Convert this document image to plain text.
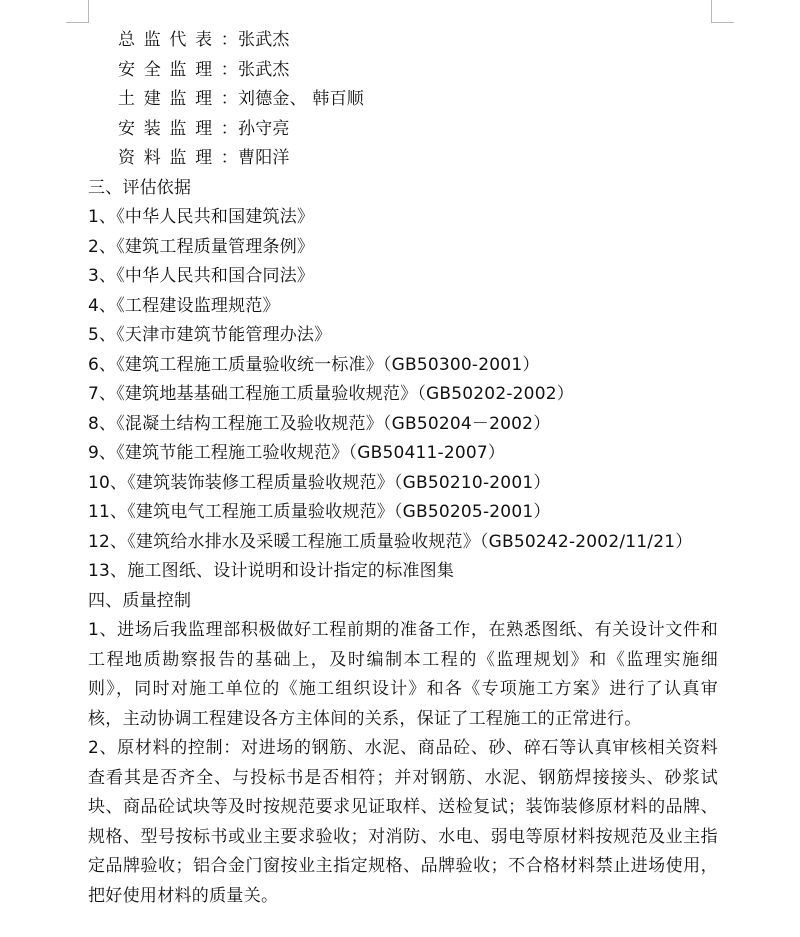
总监代表：张武杰
安全监理：张武杰
土建监理：刘德金、 韩百顺
安装监理：孙守亮
资料监理：曹阳洋
三、评估依据
1、《中华人民共和国建筑法》
2、《建筑工程质量管理条例》
3、《中华人民共和国合同法》
4、《工程建设监理规范》
5、《天津市建筑节能管理办法》
6、《建筑工程施工质量验收统一标准》（GB50300-2001）
7、《建筑地基基础工程施工质量验收规范》（GB50202-2002）
8、《混凝土结构工程施工及验收规范》（GB50204－2002）
9、《建筑节能工程施工验收规范》（GB50411-2007）
10、《建筑装饰装修工程质量验收规范》（GB50210-2001）
11、《建筑电气工程施工质量验收规范》（GB50205-2001）
12、《建筑给水排水及采暖工程施工质量验收规范》（GB50242-2002/11/21）
13、施工图纸、设计说明和设计指定的标准图集
四、质量控制
1、进场后我监理部积极做好工程前期的准备工作，在熟悉图纸、有关设计文件和工程地质勘察报告的基础上，及时编制本工程的《监理规划》和《监理实施细则》，同时对施工单位的《施工组织设计》和各《专项施工方案》进行了认真审核，主动协调工程建设各方主体间的关系，保证了工程施工的正常进行。
2、原材料的控制：对进场的钢筋、水泥、商品砼、砂、碎石等认真审核相关资料查看其是否齐全、与投标书是否相符；并对钢筋、水泥、钢筋焊接接头、砂浆试块、商品砼试块等及时按规范要求见证取样、送检复试；装饰装修原材料的品牌、规格、型号按标书或业主要求验收；对消防、水电、弱电等原材料按规范及业主指定品牌验收；铝合金门窗按业主指定规格、品牌验收；不合格材料禁止进场使用，把好使用材料的质量关。
